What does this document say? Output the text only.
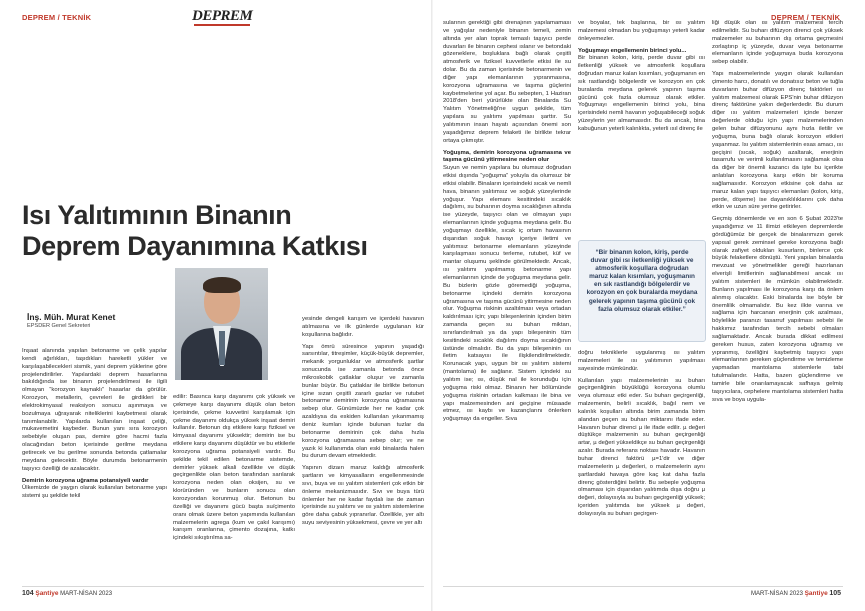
DEPREM / TEKNİK	DEPREM
Isı Yalıtımının Binanın
Deprem Dayanımına Katkısı
İnş. Müh. Murat Kenet
EPSDER Genel Sekreteri

İnşaat alanında yapılan betonarme ve çelik yapılar kendi ağırlıkları, taşıdıkları hareketli yükler ve karşılaşabilecekleri sismik, yani deprem yüklerine göre projelendirilirler. Yapılardaki deprem hasarlarına bakıldığında ise binanın projelendirilmesi ile ilgili olmayan “korozyon kaynaklı” hasarlar da görülür. Korozyon, metallerin, çevreleri ile girdikleri bir elektrokimyasal reaksiyon sonucu aşınmaya ve bozulmaya uğrayarak niteliklerini kaybetmesi olarak tanımlanabilir. Yapılarda kullanılan inşaat çeliği, mukavemetini kaybeder. Bunun yanı sıra korozyon sebebiyle oluşan pas, demire göre hacmi fazla olacağından beton içerisinde gerilme meydana getirecek ve bu gerilme sonunda betonda çatlamalar meydana gelecektir. Böyle durumda betonarmenin taşıyıcı özelliği de azalacaktır.

Demirin korozyona uğrama potansiyeli vardır

Ülkemizde de yaygın olarak kullanılan betonarme yapı sistemi şu şekilde tekil

edilir: Basınca karşı dayanımı çok yüksek ve çekmeye karşı dayanımı düşük olan beton içerisinde, çekme kuvvetini karşılamak için çekme dayanımı oldukça yüksek inşaat demiri kullanılır. Betonun dış etkilere karşı fiziksel ve kimyasal dayanımı yüksektir; demirin ise bu etkilere karşı dayanımı düşüktür ve bu etkilerle korozyona uğrama potansiyeli vardır. Bu şekilde tekil edilen betonarme sistemde, demirler yüksek alkali özellikte ve düşük geçirgenlikte olan beton tarafından sarılarak korozyona neden olan oksijen, su ve klorüründen ve bunların sonucu olan korozyondan korunmuş olur. Betonun bu özelliği ve dayanımı gücü başta su/çimento oranı olmak üzere beton yapımında kullanılan malzemelerin agrega (kum ve çakıl karışımı) karışım oranlarına, çimento dozajına, katkı içindeki sıkıştırılma sa-

yesinde dengeli karışım ve içerdeki havanın atılmasına ve ilk günlerde uygulanan kür koşullarına bağlıdır.

Yapı ömrü süresince yapının yaşadığı sarsıntılar, titreşimler, küçük-büyük depremler, mekanik yorgunluklar ve atmosferik şartlar sonucunda ise zamanla betonda önce mikroskobik çatlaklar oluşur ve zamanla bunlar büyür. Bu çatlaklar ile birlikte betonun içine sızan çeşitli zararlı gazlar ve rutubet betonarme demirinin korozyona uğramasına sebep olur. Günümüzde her ne kadar çok azaldıysa da eskiden kullanılan yıkanmamış deniz kumları içinde bulunan tuzlar da betonarme demirinin çok daha hızla korozyona uğramasına sebep olur; ve ne yazık ki kullanımda olan eski binalarda halen bu durum devam etmektedir.

Yapının dizaın maruz kaldığı atmosferik şartların ve kimyasalların engellenmesinde sıvı, buya ve ısı yalıtım sistemleri çok etkin bir önleme mekanizmasıdır. Sıvı ve buya türü önlemler her ne kadar faydalı ise de zaman içerisinde su yalıtımı ve ısı yalıtım sistemlerine göre daha çabuk yıpranırlar. Özellikle, yer altı suyu seviyesinin yüksekmesi, çevre ve yer altı

104 Şantiye MART-NİSAN 2023
DEPREM / TEKNİK

sularının gerektiği gibi drenajının yapılamaması ve yağışlar nedeniyle binanın temeli, zemin altında yer alan toprak temaslı taşıyıcı perde duvarları ile binanın cephesi ıslanır ve betondaki gözeneklere, boşluklara bağlı olarak çeşitli atmosferik ve fiziksel kuvvetlerle etkisi ile su dolar. Bu da zaman içerisinde betonarmenin ve diğer yapı elemanlarının yıpranmasına, korozyona uğramasına ve taşıma güçlerini kaybetmelerine yol açar. Bu sebepten, 1 Haziran 2018'den beri yürürlükte olan Binalarda Su Yalıtım Yönetmeliği'ne uygun şekilde, tüm yapılara su yalıtımı yapılması şarttır. Su yalıtımının insan hayatı açısından önemi son yaşadığımız deprem felaketi ile birlikte tekrar ortaya çıkmıştır.

Yoğuşma, demirin korozyona uğramasına ve taşıma gücünü yitirmesine neden olur

Suyun ve nemin yapılara bu olumsuz doğrudan etkisi dışında “yoğuşma” yoluyla da olumsuz bir etkisi olabilir. Binaların içerisindeki sıcak ve nemli hava, binanın yalıtımsız ve soğuk yüzeylerinde yoğuşur. Yapı elemanı kesitindeki sıcaklık dağılımı, su buharının doyma sıcaklığının altında ise yüzeyde, taşıyıcı olan ve olmayan yapı elemanlarının içinde yoğuşma meydana gelir. Bu yoğuşmayı özellikle, sıcak iç ortam havasının dışarıdan soğuk havayı içeriye iletimi ve yalıtımsız betonarme elemanların yüzeyinde karşılaşması sonucu terleme, rutubet, küf ve mantar oluşumu şeklinde görülmektedir. Ancak, ısı yalıtımı yapılmamış betonarme yapı elemanlarının içinde de yoğuşma meydana gelir. Bu bizlerin gözle göremediği yoğuşma, betonarme içindeki demirin korozyona uğramasına ve taşıma gücünü yitirmesine neden olur. Yoğuşma riskinin azaltılması veya ortadan kaldırılması için; yapı bileşenlerinin içinden birim zamanda geçen su buharı miktarı, sınırlandırılmalı ya da yapı bileşeninin tüm kesitindeki sıcaklık dağılımı doyma sıcaklığının üstünde olmalıdır. Bu da yapı bileşeninin ısı iletim katsayısı ile ilişkilendirilmektedir. Korunacak yapı, uygun bir ısı yalıtım sistemi (mantolama) ile sağlanır. Sistem içindeki su yalıtım ise; ısı, düşük nal ile korunduğu için yoğuşma riski olmaz. Binanın her bölümünde yoğuşma riskinin ortadan kalkması ile bina ve yapı malzemesinden ani geçişine müsaade etmez, ısı kaybı ve kazançlarını önlerken yoğuşmayı da engeller. Sıva

ve boyalar, tek başlarına, bir ısı yalıtım malzemesi olmadan bu yoğuşmayı yeterli kadar önleyemezler.

Yoğuşmayı engellemenin birinci yolu...

Bir binanın kolon, kiriş, perde duvar gibi ısı iletkenliği yüksek ve atmosferik koşullara doğrudan maruz kalan kısımları, yoğuşmanın en sık rastlandığı bölgelerdir ve korozyon en çok buralarda meydana gelerek yapının taşıma gücünü çok fazla olumsuz olarak etkiler. Yoğuşmayı engellemenin birinci yolu, bina içerisindeki nemli havanın yoğuşabileceği soğuk yüzeylerin yer almamasıdır. Bu da ancak, bina kabuğunun yeterli kalınlıkta, yeterli ısıl direnç ile

“Bir binanın kolon, kiriş, perde duvar gibi ısı iletkenliği yüksek ve atmosferik koşullara doğrudan maruz kalan kısımları, yoğuşmanın en sık rastlandığı bölgelerdir ve korozyon en çok buralarda meydana gelerek yapının taşıma gücünü çok fazla olumsuz olarak etkiler.”

doğru tekniklerle uygulanmış ısı yalıtım malzemeleri ile ısı yalıtımının yapılması sayesinde mümkündür.

Kullanılan yapı malzemelerinin su buharı geçirgenliğinin büyüklüğü korozyona olumlu veya olumsuz etki eder. Su buharı geçirgenliği, malzemenin, belirli sıcaklık, bağıl nem ve kalınlık koşulları altında birim zamanda birim alandan geçen su buharı miktarını ifade eder. Havanın buhar direnci µ ile ifade edilir. µ değeri düştükçe malzemenin su buharı geçirgenliği artar, µ değeri yükseldikçe su buharı geçirgenliği azalır. Burada referans noktası havadır. Havanın buhar direnci faktörü µ=1'dir ve diğer malzemelerin µ değerleri, o malzemelerin aynı şartlardaki havaya göre kaç kat daha fazla direnç gösterdiğini belirtir. Bu sebeple yoğuşma olmaması için dışarıdan yalıtımda dışa doğru µ değeri, dolayısıyla su buharı geçirgenliği yüksek; içeriden yalıtımda ise yüksek µ değeri, dolayısıyla su buharı geçirgen-

liği düşük olan ısı yalıtım malzemesi tercih edilmelidir. Su buharı difüzyon direnci çok yüksek malzemeler su buharının dış ortama geçmesini zorlaştırıp iç yüzeyde, duvar veya betonarme elemanların içinde yoğuşmaya buda korozyona sebep olabilir.

Yapı malzemelerinde yaygın olarak kullanılan çimento harcı, donatılı ve donatısız beton ve tuğla duvarların buhar difüzyon direnç faktörleri ısı yalıtım malzemesi olarak EPS'nin buhar difüzyon direnç faktörüne yakın değerlerdedir. Bu durum diğer ısı yalıtım malzemeleri içinde benzer değerlerde olduğu için yapı malzemelerinden gelen buhar difüzyonunu aynı hızla iletilir ve yoğuşma, buna bağlı olarak korozyon etkileri yaşanmaz. Isı yalıtım sistemlerinin esas amacı, ısı geçişini (sıcak, soğuk) azaltarak, enerjinin tasarrufu ve verimli kullanılmasını sağlamak olsa da diğer bir önemli kazancı da işte bu içerikte anlatılan korozyona karşı etkin bir koruma sağlamasıdır. Korozyon etkisine çok daha az maruz kalan yapı taşıyıcı elemanları (kolon, kiriş, perde, döşeme) ise dayanıklılıklarını çok daha etkin ve uzun süre yerine getirirler.

Geçmiş dönemlerde ve en son 6 Şubat 2023'te yaşadığımız ve 11 ilimizi etkileyen depremlerde gördüğümüz bir gerçek de binalarımızın gerek yapısal gerek zeminsel gereke korozyona bağlı olarak zafiyet oldukları kusurların, binlerce çok büyük felaketlere dönüştü. Yeni yapılan binalarda mevzuat ve yönetmelikler gereği hazırlanan elverişli limitlerinin sağlanabilmesi ancak ısı yalıtım sistemleri ile mümkün olabilmektedir. Bunların yapılması ile korozyona karşı da önlem alınmış olacaktır. Eski binalarda ise böyle bir önemlilik olmamalıdır. Bu kez ilkte varına ve sağlama için harcanan enerjinin çok azalması, böylelikle paranızı tasarruf yapılması sebebi ile hakkımız tarafından tercih sebebi olmaları sağlamaktadır. Ancak burada dikkat edilmesi gereken husus, zaten korozyona uğramış ve yıpranmış, özelliğini kaybetmiş taşıyıcı yapı elemanlarının gereken güçlendirme ve temizleme yapmadan mantolama sistemlerle tabi tutulmalarıdır. Hatta, bazen güçlendirme ve tamirle bile onarılamayacak safhaya gelmiş taşıyıcılara, cephelere mantolama sistemleri hatta sıva ve boya uygula-

MART-NİSAN 2023 Şantiye 105
